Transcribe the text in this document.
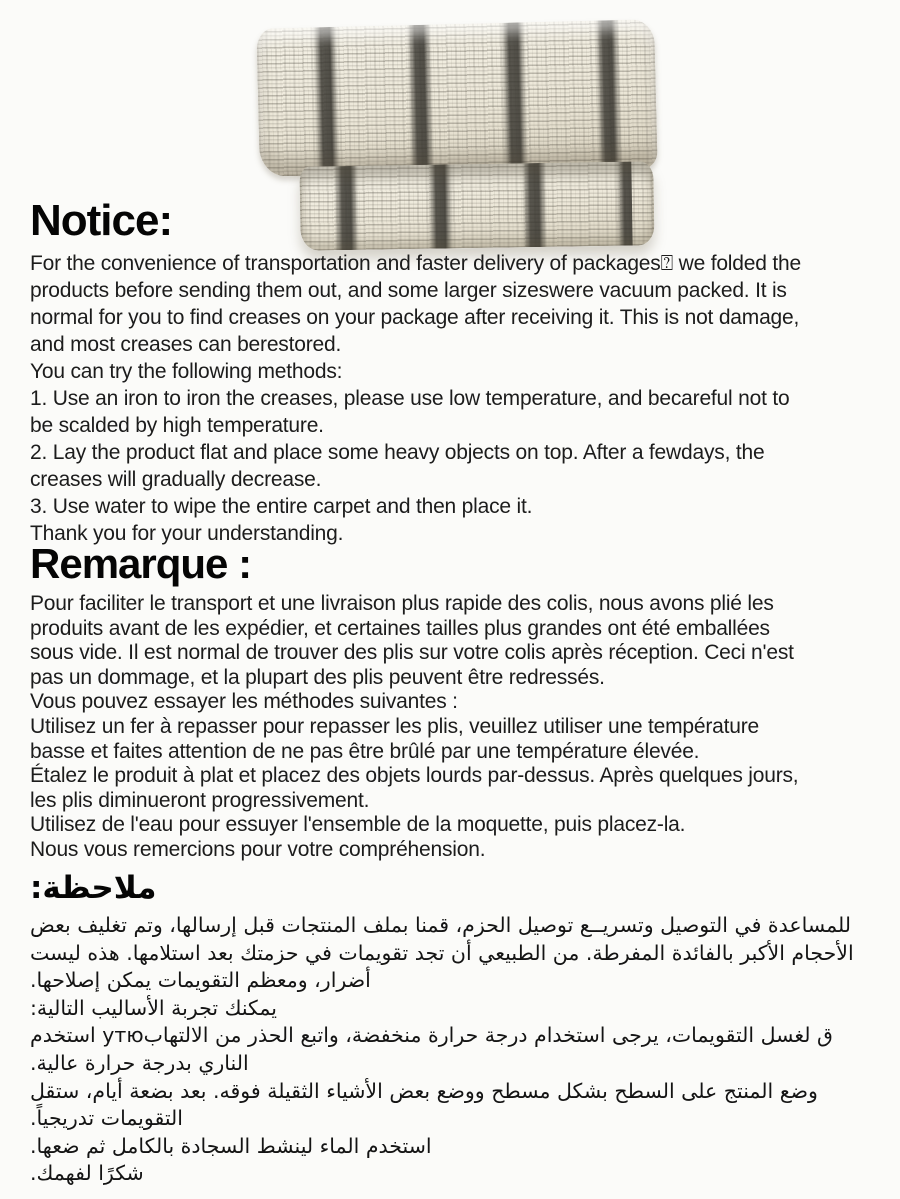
Notice:
For the convenience of transportation and faster delivery of packages⍰ we folded the
products before sending them out, and some larger sizeswere vacuum packed. It is
normal for you to find creases on your package after receiving it. This is not damage,
and most creases can berestored.
You can try the following methods:
1. Use an iron to iron the creases, please use low temperature, and becareful not to
be scalded by high temperature.
2. Lay the product flat and place some heavy objects on top. After a fewdays, the
creases will gradually decrease.
3. Use water to wipe the entire carpet and then place it.
Thank you for your understanding.
Remarque :
Pour faciliter le transport et une livraison plus rapide des colis, nous avons plié les
produits avant de les expédier, et certaines tailles plus grandes ont été emballées
sous vide. Il est normal de trouver des plis sur votre colis après réception. Ceci n'est
pas un dommage, et la plupart des plis peuvent être redressés.
Vous pouvez essayer les méthodes suivantes :
Utilisez un fer à repasser pour repasser les plis, veuillez utiliser une température
basse et faites attention de ne pas être brûlé par une température élevée.
Étalez le produit à plat et placez des objets lourds par-dessus. Après quelques jours,
les plis diminueront progressivement.
Utilisez de l'eau pour essuyer l'ensemble de la moquette, puis placez-la.
Nous vous remercions pour votre compréhension.
ملاحظة:
للمساعدة في التوصيل وتسريــع توصيل الحزم، قمنا بملف المنتجات قبل إرسالها، وتم تغليف بعض
الأحجام الأكبر بالفائدة المفرطة. من الطبيعي أن تجد تقويمات في حزمتك بعد استلامها. هذه ليست
أضرار، ومعظم التقويمات يمكن إصلاحها.
يمكنك تجربة الأساليب التالية:
ق لغسل التقويمات، يرجى استخدام درجة حرارة منخفضة، واتبع الحذر من الالتهابутю استخدم
الناري بدرجة حرارة عالية.
وضع المنتج على السطح بشكل مسطح ووضع بعض الأشياء الثقيلة فوقه. بعد بضعة أيام، ستقل
التقويمات تدريجياً.
استخدم الماء لينشط السجادة بالكامل ثم ضعها.
شكرًا لفهمك.
